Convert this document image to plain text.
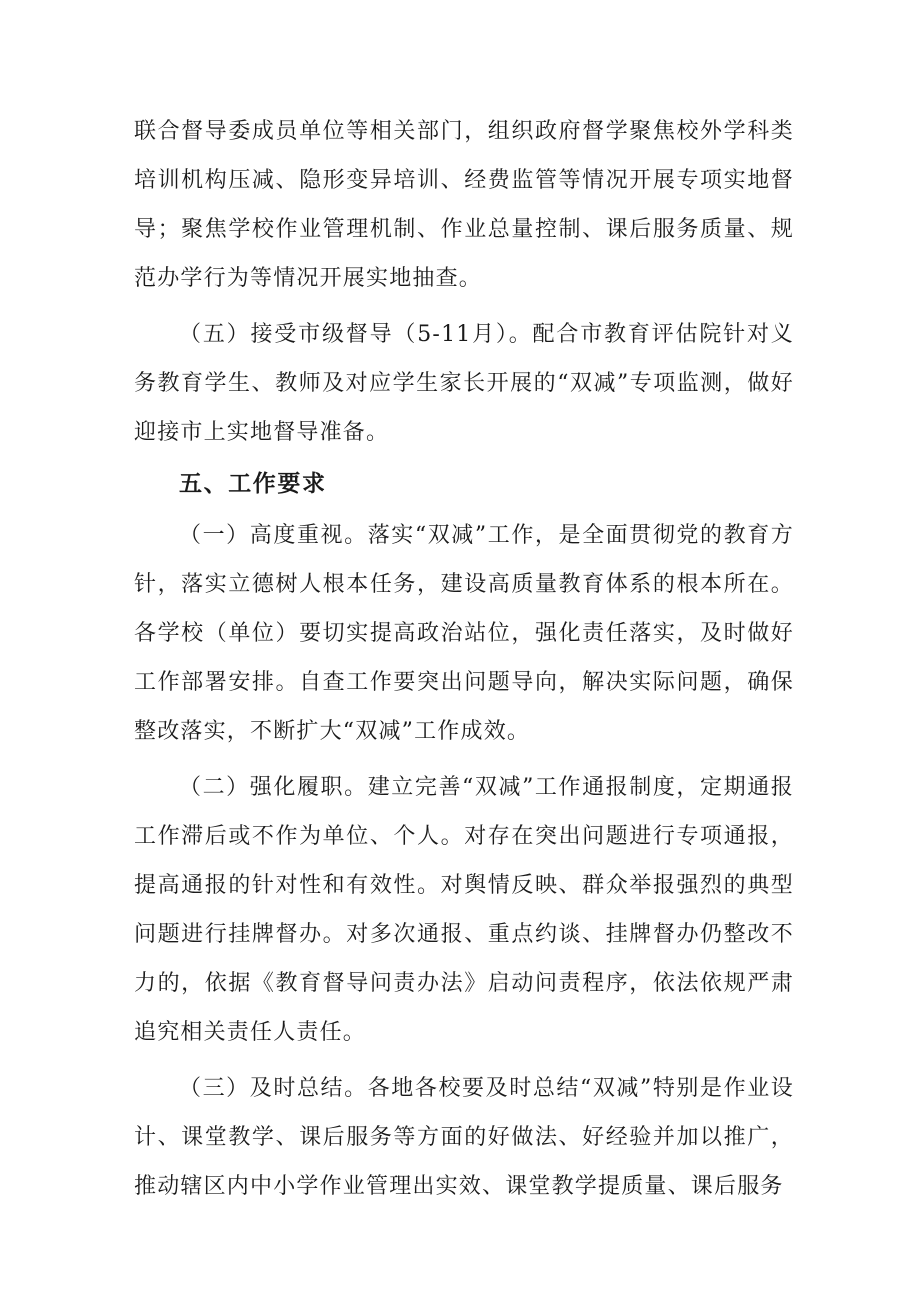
联合督导委成员单位等相关部门，组织政府督学聚焦校外学科类培训机构压减、隐形变异培训、经费监管等情况开展专项实地督导；聚焦学校作业管理机制、作业总量控制、课后服务质量、规范办学行为等情况开展实地抽查。

（五）接受市级督导（5-11月）。配合市教育评估院针对义务教育学生、教师及对应学生家长开展的“双减”专项监测，做好迎接市上实地督导准备。

五、工作要求

（一）高度重视。落实“双减”工作，是全面贯彻党的教育方针，落实立德树人根本任务，建设高质量教育体系的根本所在。各学校（单位）要切实提高政治站位，强化责任落实，及时做好工作部署安排。自查工作要突出问题导向，解决实际问题，确保整改落实，不断扩大“双减”工作成效。

（二）强化履职。建立完善“双减”工作通报制度，定期通报工作滞后或不作为单位、个人。对存在突出问题进行专项通报，提高通报的针对性和有效性。对舆情反映、群众举报强烈的典型问题进行挂牌督办。对多次通报、重点约谈、挂牌督办仍整改不力的，依据《教育督导问责办法》启动问责程序，依法依规严肃追究相关责任人责任。

（三）及时总结。各地各校要及时总结“双减”特别是作业设计、课堂教学、课后服务等方面的好做法、好经验并加以推广，推动辖区内中小学作业管理出实效、课堂教学提质量、课后服务
